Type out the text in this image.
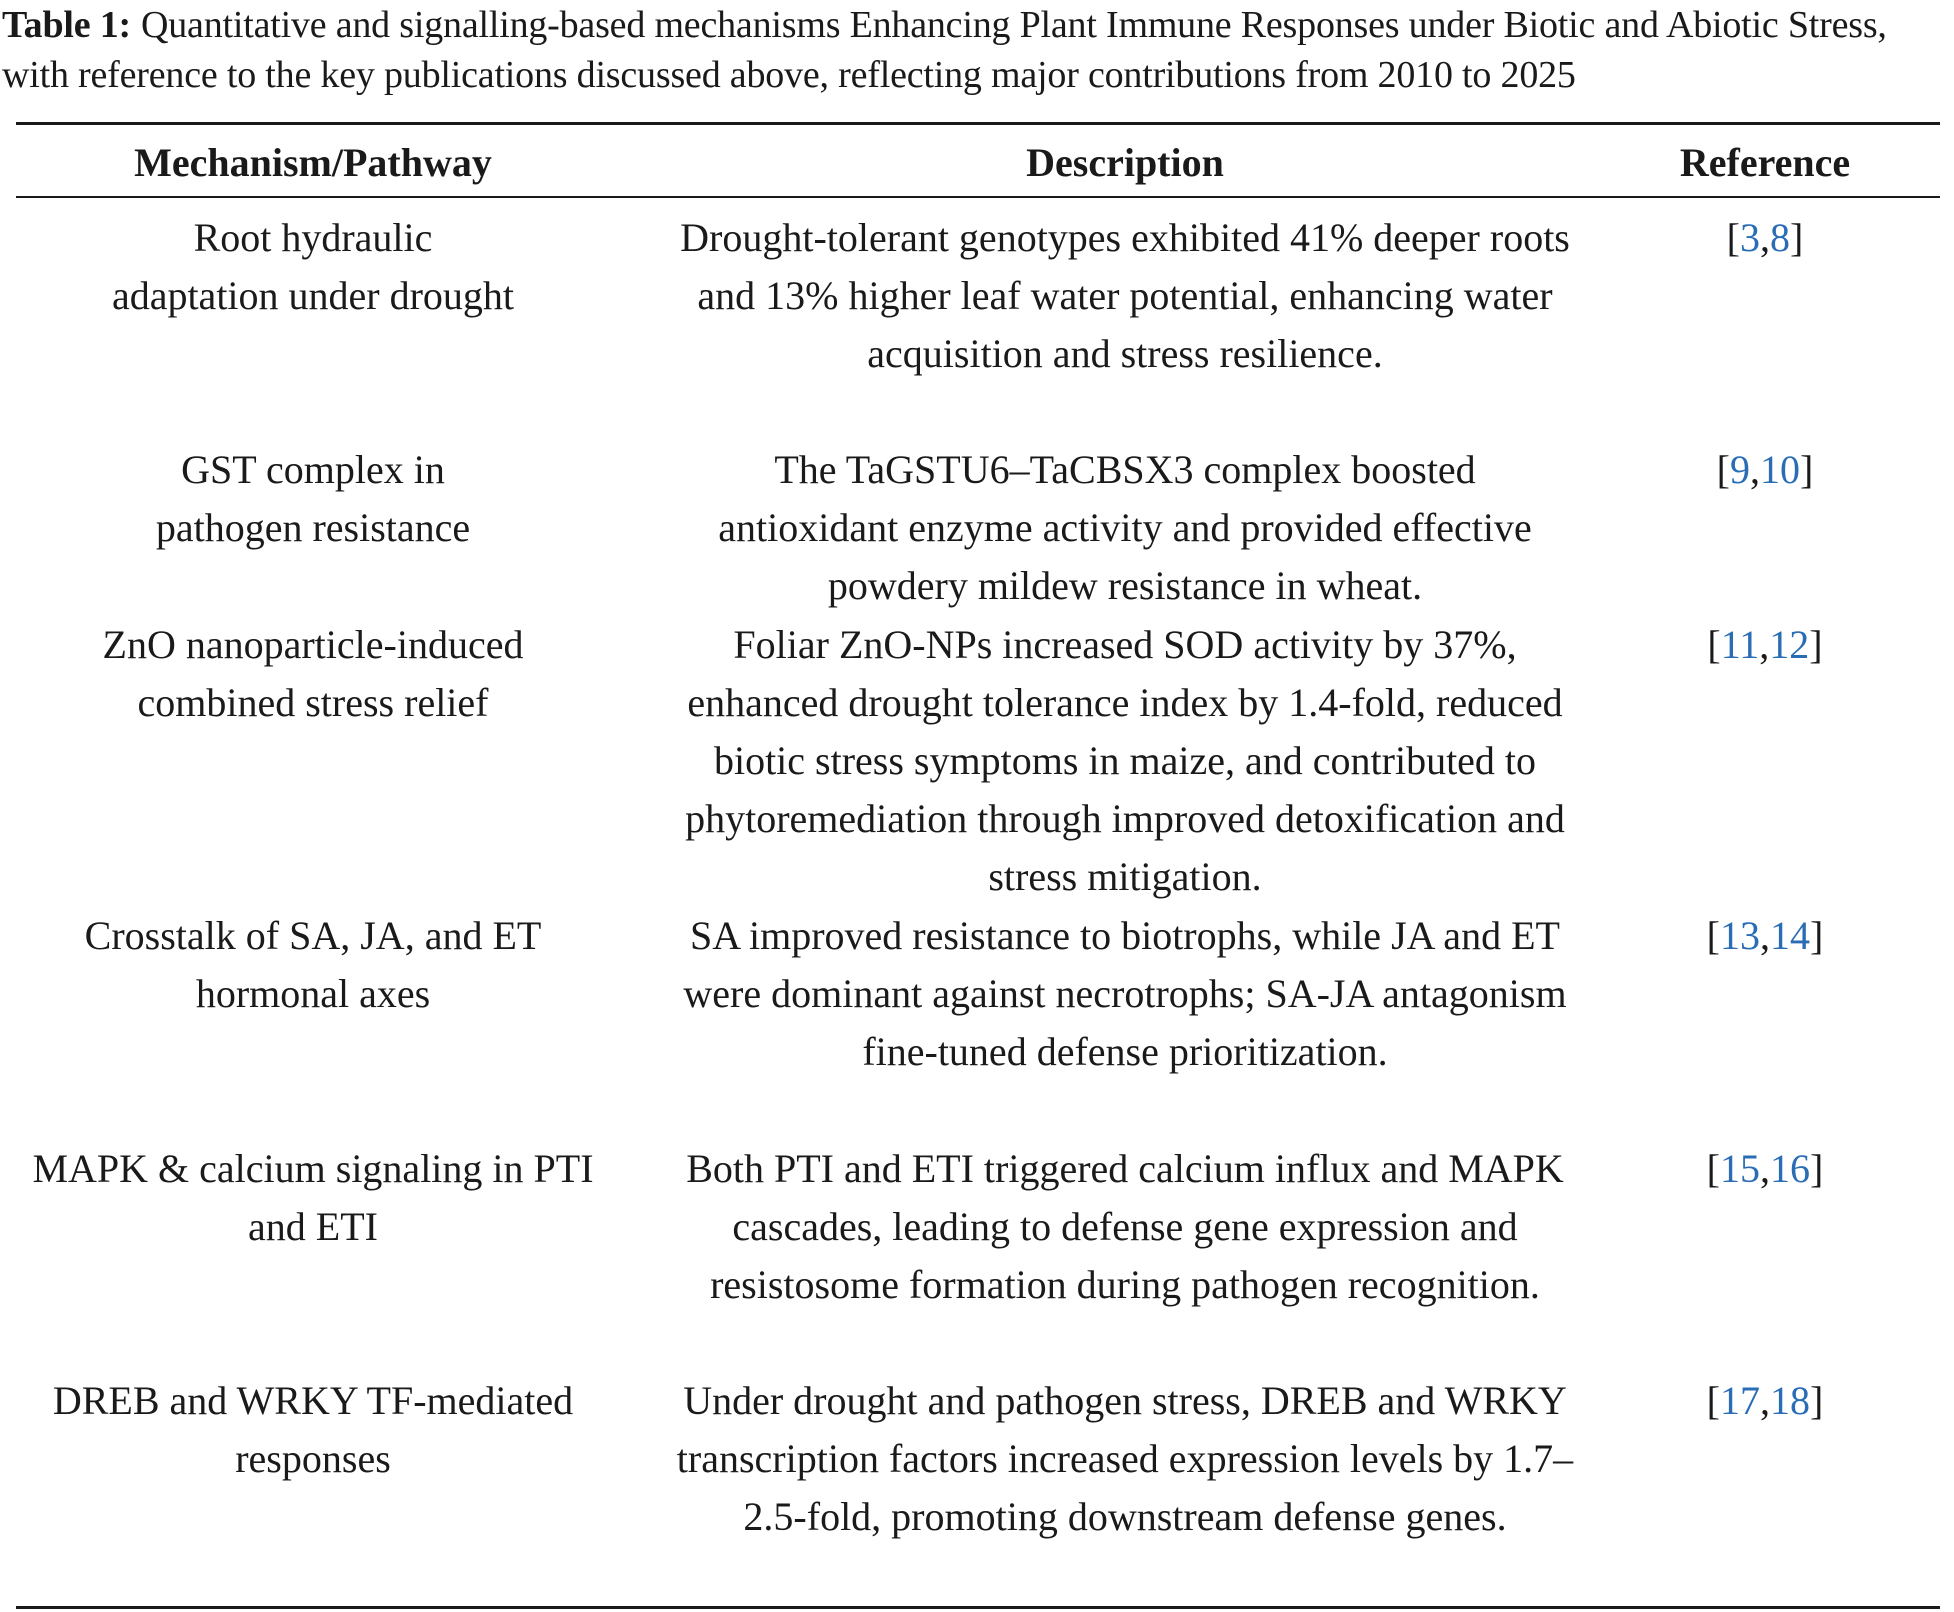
Table 1: Quantitative and signalling-based mechanisms Enhancing Plant Immune Responses under Biotic and Abiotic Stress, with reference to the key publications discussed above, reflecting major contributions from 2010 to 2025
Mechanism/Pathway	Description	Reference
Root hydraulic adaptation under drought
Drought-tolerant genotypes exhibited 41% deeper roots and 13% higher leaf water potential, enhancing water acquisition and stress resilience.
[3,8]
GST complex in pathogen resistance
The TaGSTU6–TaCBSX3 complex boosted antioxidant enzyme activity and provided effective powdery mildew resistance in wheat.
[9,10]
ZnO nanoparticle-induced combined stress relief
Foliar ZnO-NPs increased SOD activity by 37%, enhanced drought tolerance index by 1.4-fold, reduced biotic stress symptoms in maize, and contributed to phytoremediation through improved detoxification and stress mitigation.
[11,12]
Crosstalk of SA, JA, and ET hormonal axes
SA improved resistance to biotrophs, while JA and ET were dominant against necrotrophs; SA-JA antagonism fine-tuned defense prioritization.
[13,14]
MAPK & calcium signaling in PTI and ETI
Both PTI and ETI triggered calcium influx and MAPK cascades, leading to defense gene expression and resistosome formation during pathogen recognition.
[15,16]
DREB and WRKY TF-mediated responses
Under drought and pathogen stress, DREB and WRKY transcription factors increased expression levels by 1.7–2.5-fold, promoting downstream defense genes.
[17,18]
